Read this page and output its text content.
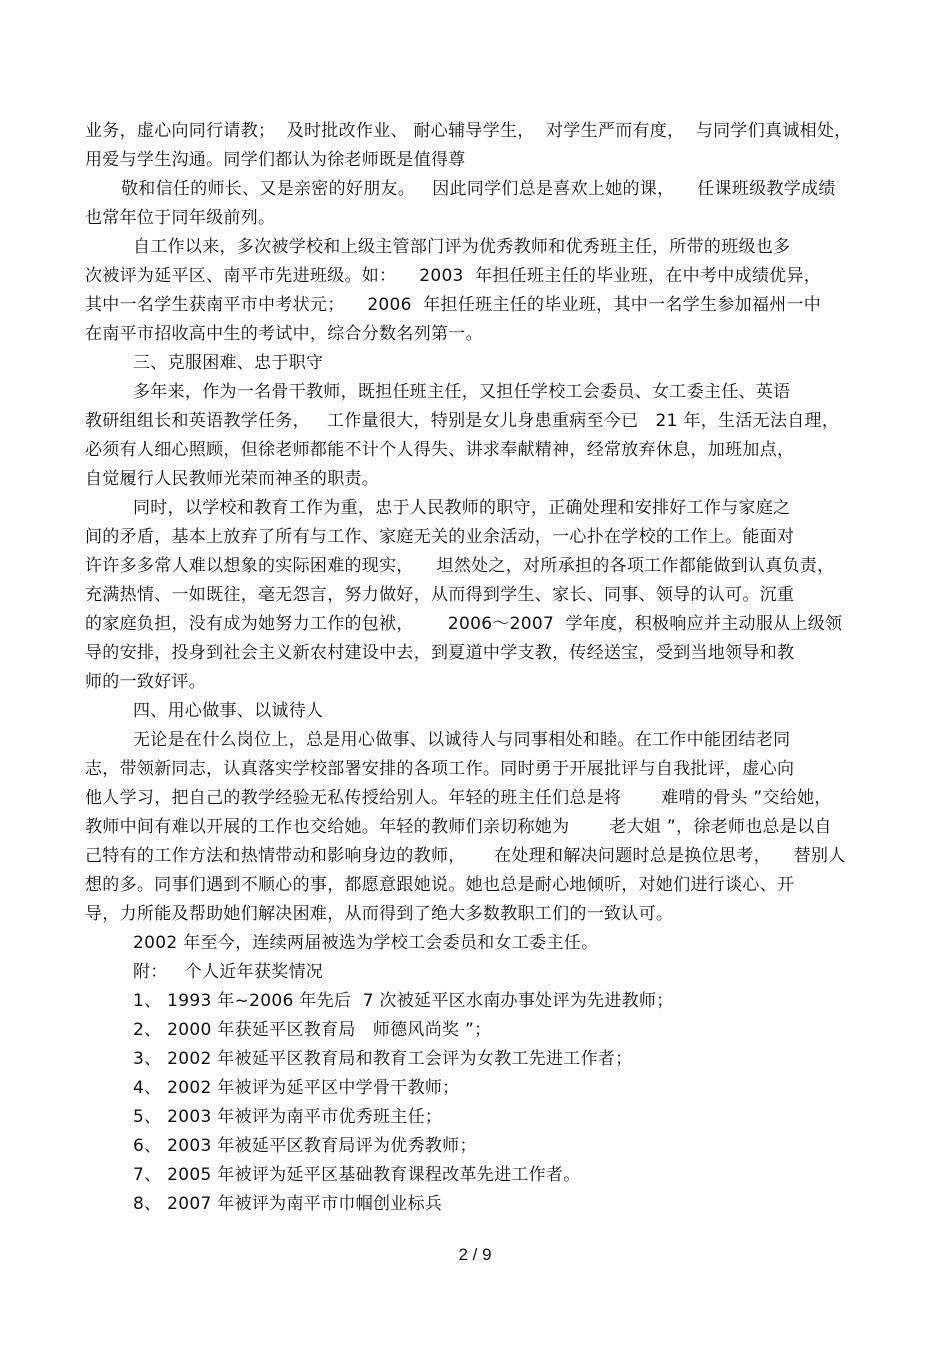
业务，虚心向同行请教；  及时批改作业、 耐心辅导学生，  对学生严而有度，  与同学们真诚相处，
用爱与学生沟通。同学们都认为徐老师既是值得尊
敬和信任的师长、又是亲密的好朋友。   因此同学们总是喜欢上她的课，    任课班级教学成绩
也常年位于同年级前列。
自工作以来，多次被学校和上级主管部门评为优秀教师和优秀班主任，所带的班级也多
次被评为延平区、南平市先进班级。如：    2003  年担任班主任的毕业班，在中考中成绩优异，
其中一名学生获南平市中考状元；    2006  年担任班主任的毕业班，其中一名学生参加福州一中
在南平市招收高中生的考试中，综合分数名列第一。
三、克服困难、忠于职守
多年来，作为一名骨干教师，既担任班主任，又担任学校工会委员、女工委主任、英语
教研组组长和英语教学任务，   工作量很大，特别是女儿身患重病至今已   21 年，生活无法自理，
必须有人细心照顾，但徐老师都能不计个人得失、讲求奉献精神，经常放弃休息，加班加点，
自觉履行人民教师光荣而神圣的职责。
同时，以学校和教育工作为重，忠于人民教师的职守，正确处理和安排好工作与家庭之
间的矛盾，基本上放弃了所有与工作、家庭无关的业余活动，一心扑在学校的工作上。能面对
许许多多常人难以想象的实际困难的现实，    坦然处之，对所承担的各项工作都能做到认真负责，
充满热情、一如既往，毫无怨言，努力做好，从而得到学生、家长、同事、领导的认可。沉重
的家庭负担，没有成为她努力工作的包袱，      2006～2007  学年度，积极响应并主动服从上级领
导的安排，投身到社会主义新农村建设中去，到夏道中学支教，传经送宝，受到当地领导和教
师的一致好评。
四、用心做事、以诚待人
无论是在什么岗位上，总是用心做事、以诚待人与同事相处和睦。在工作中能团结老同
志，带领新同志，认真落实学校部署安排的各项工作。同时勇于开展批评与自我批评，虚心向
他人学习，把自己的教学经验无私传授给别人。年轻的班主任们总是将       难啃的骨头 ”交给她，
教师中间有难以开展的工作也交给她。年轻的教师们亲切称她为       老大姐 ”，徐老师也总是以自
己特有的工作方法和热情带动和影响身边的教师，     在处理和解决问题时总是换位思考，    替别人
想的多。同事们遇到不顺心的事，都愿意跟她说。她也总是耐心地倾听，对她们进行谈心、开
导，力所能及帮助她们解决困难，从而得到了绝大多数教职工们的一致认可。
2002 年至今，连续两届被选为学校工会委员和女工委主任。
附：   个人近年获奖情况
1、 1993 年~2006 年先后  7 次被延平区水南办事处评为先进教师；
2、 2000 年获延平区教育局   师德风尚奖 ”；
3、 2002 年被延平区教育局和教育工会评为女教工先进工作者；
4、 2002 年被评为延平区中学骨干教师；
5、 2003 年被评为南平市优秀班主任；
6、 2003 年被延平区教育局评为优秀教师；
7、 2005 年被评为延平区基础教育课程改革先进工作者。
8、 2007 年被评为南平市巾帼创业标兵
2 / 9
